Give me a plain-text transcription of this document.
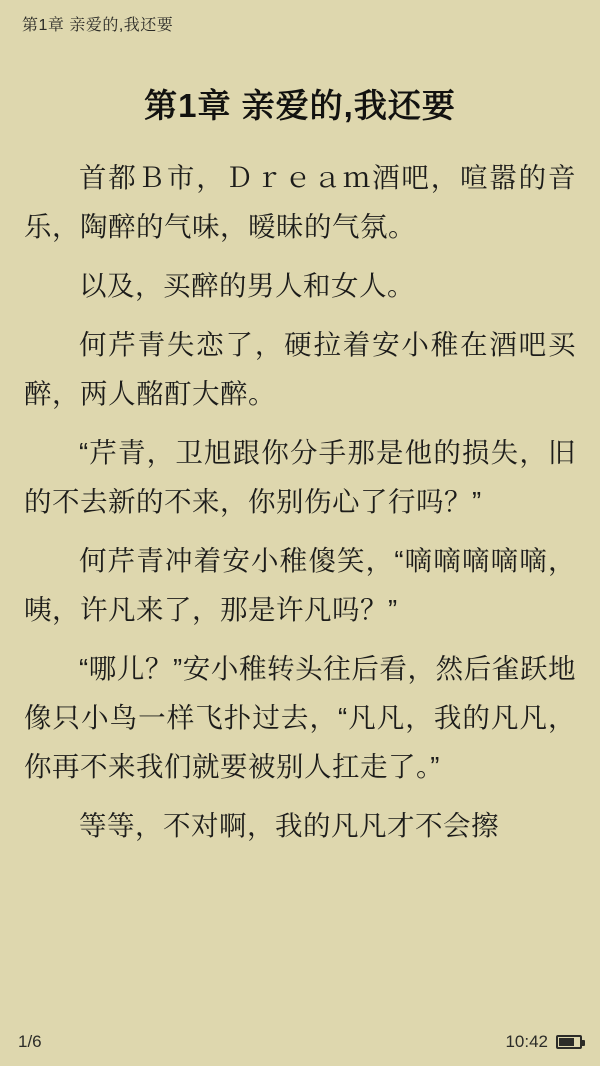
第1章 亲爱的,我还要
第1章 亲爱的,我还要

首都Ｂ市，Ｄｒｅａｍ酒吧，喧嚣的音乐，陶醉的气味，暧昧的气氛。

以及，买醉的男人和女人。

何芹青失恋了，硬拉着安小稚在酒吧买醉，两人酩酊大醉。

“芹青，卫旭跟你分手那是他的损失，旧的不去新的不来，你别伤心了行吗？”

何芹青冲着安小稚傻笑，“嘀嘀嘀嘀嘀，咦，许凡来了，那是许凡吗？”

“哪儿？”安小稚转头往后看，然后雀跃地像只小鸟一样飞扑过去，“凡凡，我的凡凡，你再不来我们就要被别人扛走了。”

等等，不对啊，我的凡凡才不会擦

1/6	10:42
